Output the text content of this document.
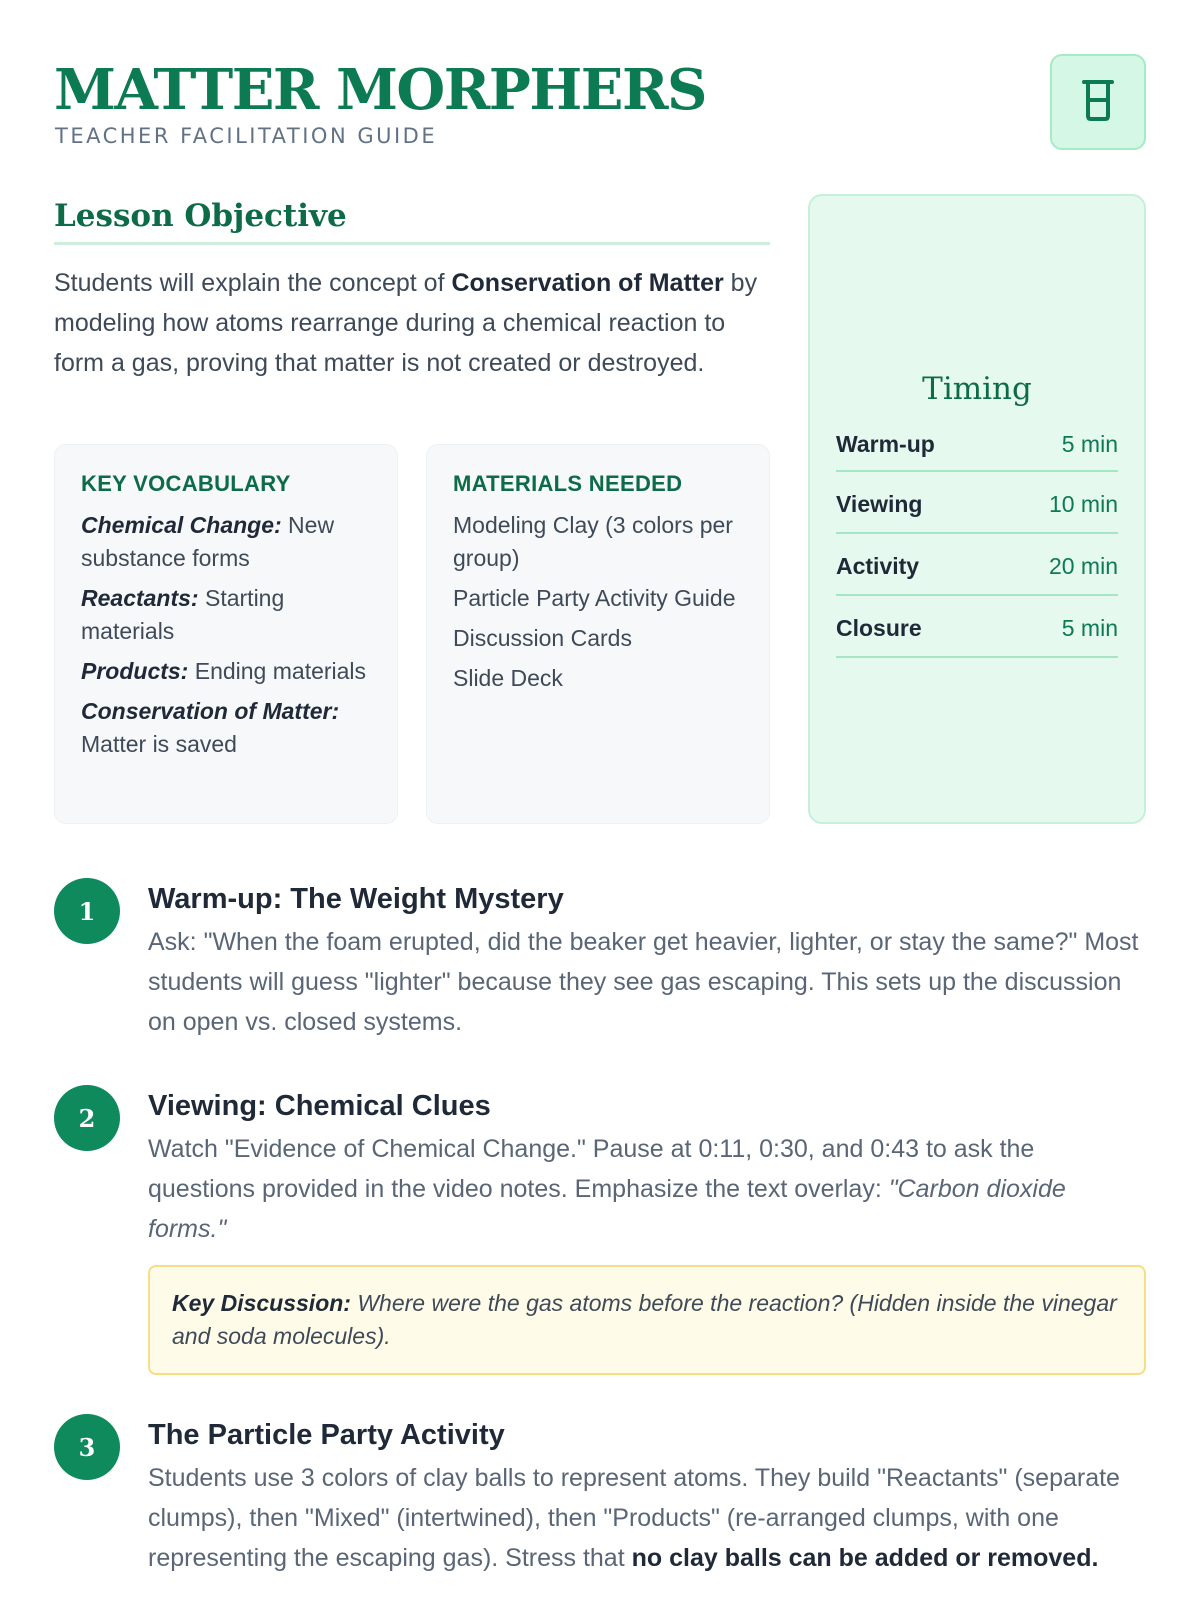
MATTER MORPHERS
TEACHER FACILITATION GUIDE
Lesson Objective

Students will explain the concept of Conservation of Matter by modeling how atoms rearrange during a chemical reaction to form a gas, proving that matter is not created or destroyed.

KEY VOCABULARY
Chemical Change: New substance forms
Reactants: Starting materials
Products: Ending materials
Conservation of Matter: Matter is saved
MATERIALS NEEDED
Modeling Clay (3 colors per group)
Particle Party Activity Guide
Discussion Cards
Slide Deck
Timing
Warm-up	5 min
Viewing	10 min
Activity	20 min
Closure	5 min
1	Warm-up: The Weight Mystery

Ask: "When the foam erupted, did the beaker get heavier, lighter, or stay the same?" Most students will guess "lighter" because they see gas escaping. This sets up the discussion on open vs. closed systems.

2	Viewing: Chemical Clues

Watch "Evidence of Chemical Change." Pause at 0:11, 0:30, and 0:43 to ask the questions provided in the video notes. Emphasize the text overlay: "Carbon dioxide forms."

Key Discussion: Where were the gas atoms before the reaction? (Hidden inside the vinegar and soda molecules).
3	The Particle Party Activity

Students use 3 colors of clay balls to represent atoms. They build "Reactants" (separate clumps), then "Mixed" (intertwined), then "Products" (re-arranged clumps, with one representing the escaping gas). Stress that no clay balls can be added or removed.
